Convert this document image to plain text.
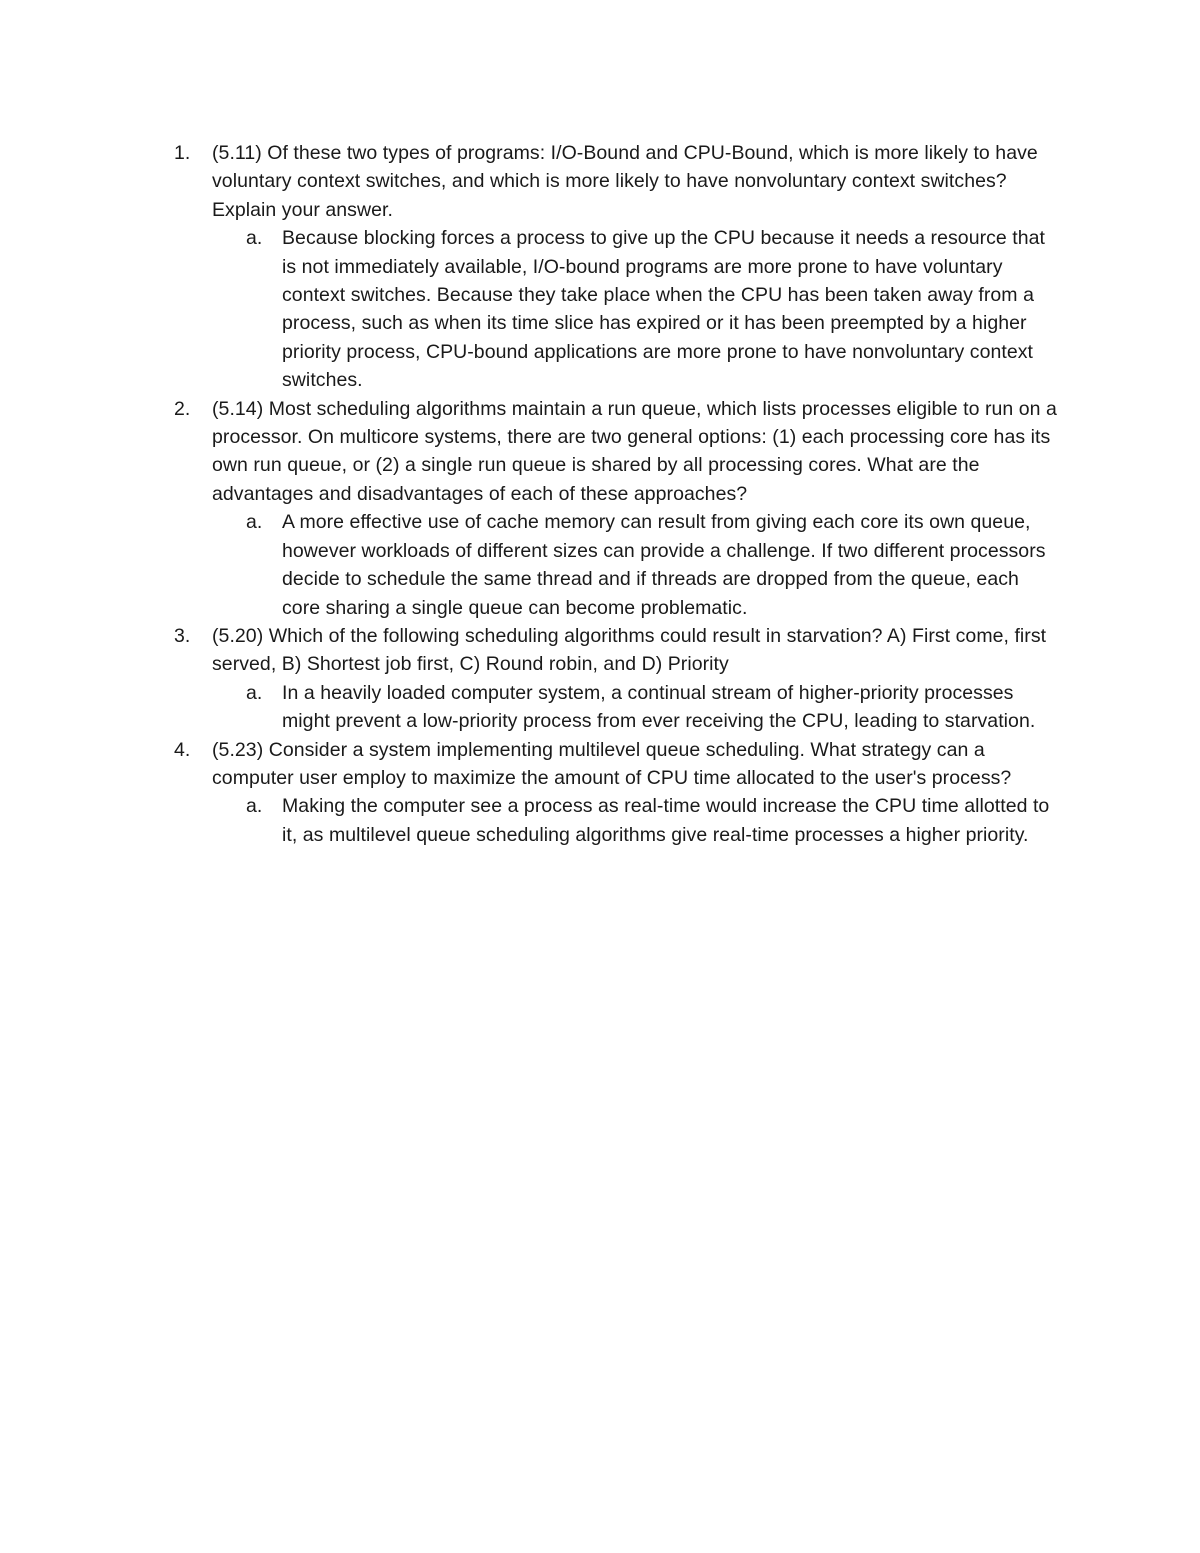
1.	(5.11) Of these two types of programs: I/O-Bound and CPU-Bound, which is more likely to have voluntary context switches, and which is more likely to have nonvoluntary context switches? Explain your answer.
a.	Because blocking forces a process to give up the CPU because it needs a resource that is not immediately available, I/O-bound programs are more prone to have voluntary context switches. Because they take place when the CPU has been taken away from a process, such as when its time slice has expired or it has been preempted by a higher priority process, CPU-bound applications are more prone to have nonvoluntary context switches.
2.	(5.14) Most scheduling algorithms maintain a run queue, which lists processes eligible to run on a processor. On multicore systems, there are two general options: (1) each processing core has its own run queue, or (2) a single run queue is shared by all processing cores. What are the advantages and disadvantages of each of these approaches?
a.	A more effective use of cache memory can result from giving each core its own queue, however workloads of different sizes can provide a challenge. If two different processors decide to schedule the same thread and if threads are dropped from the queue, each core sharing a single queue can become problematic.
3.	(5.20) Which of the following scheduling algorithms could result in starvation? A) First come, first served, B) Shortest job first, C) Round robin, and D) Priority
a.	In a heavily loaded computer system, a continual stream of higher-priority processes might prevent a low-priority process from ever receiving the CPU, leading to starvation.
4.	(5.23) Consider a system implementing multilevel queue scheduling. What strategy can a computer user employ to maximize the amount of CPU time allocated to the user's process?
a.	Making the computer see a process as real-time would increase the CPU time allotted to it, as multilevel queue scheduling algorithms give real-time processes a higher priority.
